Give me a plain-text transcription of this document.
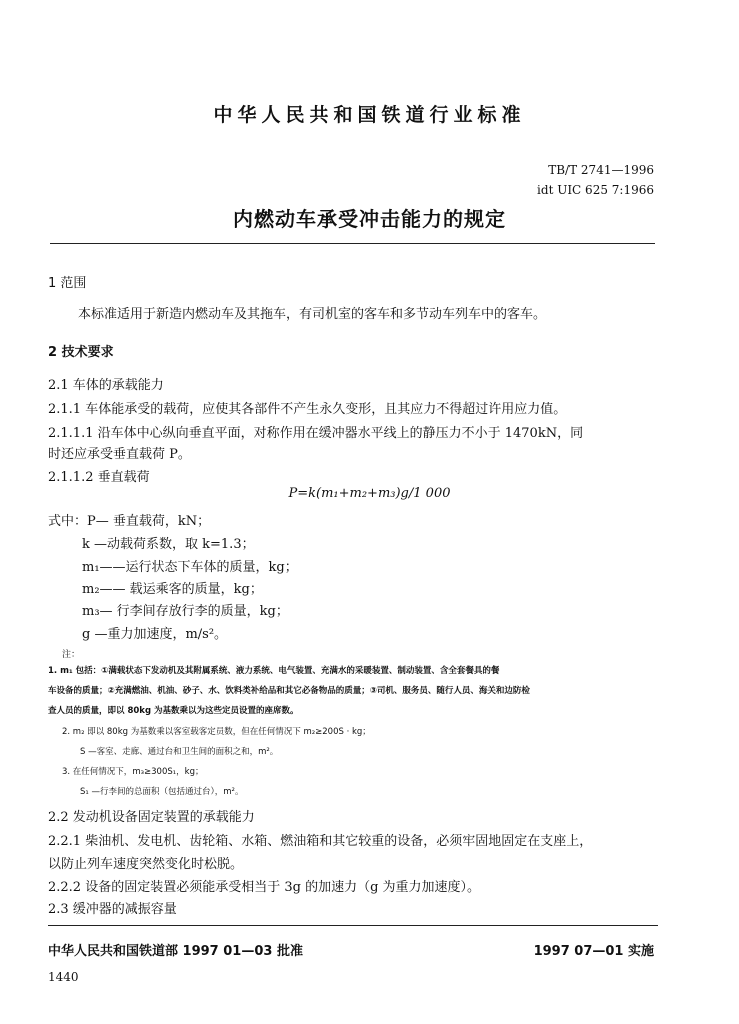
中华人民共和国铁道行业标准
TB/T 2741—1996
idt UIC 625 7:1966
内燃动车承受冲击能力的规定
1 范围
本标准适用于新造内燃动车及其拖车，有司机室的客车和多节动车列车中的客车。
2 技术要求
2.1 车体的承载能力
2.1.1 车体能承受的载荷，应使其各部件不产生永久变形，且其应力不得超过许用应力值。
2.1.1.1 沿车体中心纵向垂直平面，对称作用在缓冲器水平线上的静压力不小于 1470kN，同
时还应承受垂直载荷 P。
2.1.1.2 垂直载荷
P=k(m₁+m₂+m₃)g/1 000
式中：P— 垂直载荷，kN；
k —动载荷系数，取 k=1.3；
m₁——运行状态下车体的质量，kg；
m₂—— 载运乘客的质量，kg；
m₃— 行李间存放行李的质量，kg；
g —重力加速度，m/s²。
注：
1. m₁ 包括：①满载状态下发动机及其附属系统、液力系统、电气装置、充满水的采暖装置、制动装置、含全套餐具的餐
车设备的质量；②充满燃油、机油、砂子、水、饮料类补给品和其它必备物品的质量；③司机、服务员、随行人员、海关和边防检
查人员的质量，即以 80kg 为基数乘以为这些定员设置的座席数。
2. m₂ 即以 80kg 为基数乘以客室载客定员数，但在任何情况下 m₂≥200S · kg；
S —客室、走廊、通过台和卫生间的面积之和，m²。
3. 在任何情况下，m₃≥300S₁，kg；
S₁ —行李间的总面积（包括通过台），m²。
2.2 发动机设备固定装置的承载能力
2.2.1 柴油机、发电机、齿轮箱、水箱、燃油箱和其它较重的设备，必须牢固地固定在支座上，
以防止列车速度突然变化时松脱。
2.2.2 设备的固定装置必须能承受相当于 3g 的加速力（g 为重力加速度）。
2.3 缓冲器的减振容量
中华人民共和国铁道部 1997 01—03 批准	1997 07—01 实施
1440
